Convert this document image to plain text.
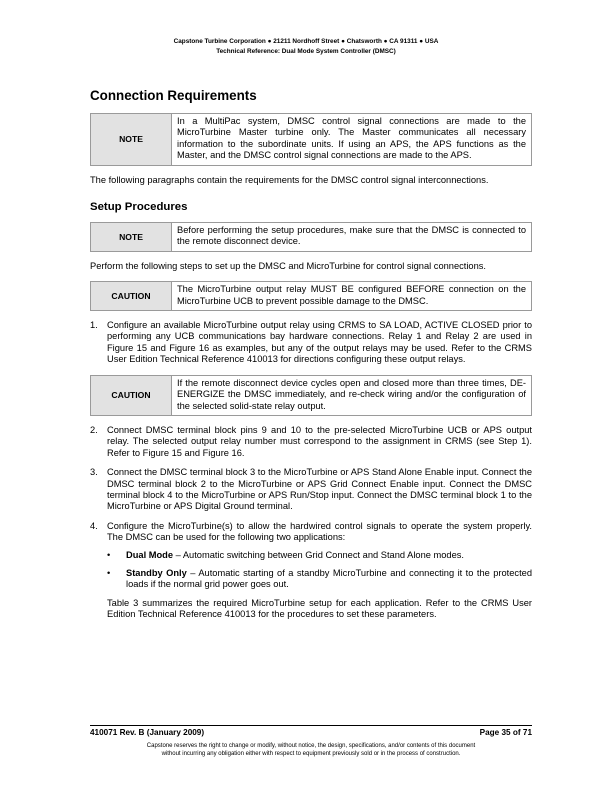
Capstone Turbine Corporation ● 21211 Nordhoff Street ● Chatsworth ● CA 91311 ● USA
Technical Reference: Dual Mode System Controller (DMSC)
Connection Requirements
NOTE
In a MultiPac system, DMSC control signal connections are made to the MicroTurbine Master turbine only. The Master communicates all necessary information to the subordinate units. If using an APS, the APS functions as the Master, and the DMSC control signal connections are made to the APS.

The following paragraphs contain the requirements for the DMSC control signal interconnections.

Setup Procedures
NOTE
Before performing the setup procedures, make sure that the DMSC is connected to the remote disconnect device.

Perform the following steps to set up the DMSC and MicroTurbine for control signal connections.

CAUTION
The MicroTurbine output relay MUST BE configured BEFORE connection on the MicroTurbine UCB to prevent possible damage to the DMSC.
1. Configure an available MicroTurbine output relay using CRMS to SA LOAD, ACTIVE CLOSED prior to performing any UCB communications bay hardware connections. Relay 1 and Relay 2 are used in Figure 15 and Figure 16 as examples, but any of the output relays may be used. Refer to the CRMS User Edition Technical Reference 410013 for directions configuring these output relays.

CAUTION
If the remote disconnect device cycles open and closed more than three times, DE-ENERGIZE the DMSC immediately, and re-check wiring and/or the configuration of the selected solid-state relay output.
2. Connect DMSC terminal block pins 9 and 10 to the pre-selected MicroTurbine UCB or APS output relay. The selected output relay number must correspond to the assignment in CRMS (see Step 1). Refer to Figure 15 and Figure 16.

3. Connect the DMSC terminal block 3 to the MicroTurbine or APS Stand Alone Enable input. Connect the DMSC terminal block 2 to the MicroTurbine or APS Grid Connect Enable input. Connect the DMSC terminal block 4 to the MicroTurbine or APS Run/Stop input. Connect the DMSC terminal block 1 to the MicroTurbine or APS Digital Ground terminal.

4. Configure the MicroTurbine(s) to allow the hardwired control signals to operate the system properly. The DMSC can be used for the following two applications:

•	Dual Mode – Automatic switching between Grid Connect and Stand Alone modes.

•	Standby Only – Automatic starting of a standby MicroTurbine and connecting it to the protected loads if the normal grid power goes out.

Table 3 summarizes the required MicroTurbine setup for each application. Refer to the CRMS User Edition Technical Reference 410013 for the procedures to set these parameters.

410071 Rev. B (January 2009)	Page 35 of 71
Capstone reserves the right to change or modify, without notice, the design, specifications, and/or contents of this document
without incurring any obligation either with respect to equipment previously sold or in the process of construction.
